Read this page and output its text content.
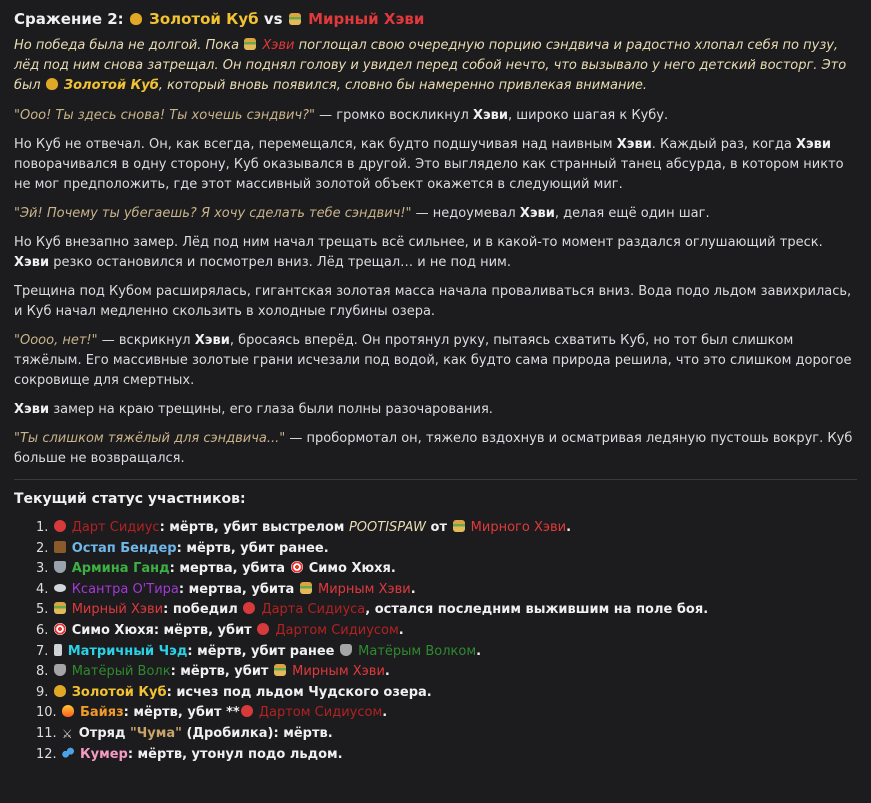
Сражение 2: Золотой Куб vs Мирный Хэви

Но победа была не долгой. Пока Хэви поглощал свою очередную порцию сэндвича и радостно хлопал себя по пузу, лёд под ним снова затрещал. Он поднял голову и увидел перед собой нечто, что вызывало у него детский восторг. Это был Золотой Куб, который вновь появился, словно бы намеренно привлекая внимание.

"Ооо! Ты здесь снова! Ты хочешь сэндвич?" — громко воскликнул Хэви, широко шагая к Кубу.

Но Куб не отвечал. Он, как всегда, перемещался, как будто подшучивая над наивным Хэви. Каждый раз, когда Хэви поворачивался в одну сторону, Куб оказывался в другой. Это выглядело как странный танец абсурда, в котором никто не мог предположить, где этот массивный золотой объект окажется в следующий миг.

"Эй! Почему ты убегаешь? Я хочу сделать тебе сэндвич!" — недоумевал Хэви, делая ещё один шаг.

Но Куб внезапно замер. Лёд под ним начал трещать всё сильнее, и в какой-то момент раздался оглушающий треск. Хэви резко остановился и посмотрел вниз. Лёд трещал… и не под ним.

Трещина под Кубом расширялась, гигантская золотая масса начала проваливаться вниз. Вода подо льдом завихрилась, и Куб начал медленно скользить в холодные глубины озера.

"Оооо, нет!" — вскрикнул Хэви, бросаясь вперёд. Он протянул руку, пытаясь схватить Куб, но тот был слишком тяжёлым. Его массивные золотые грани исчезали под водой, как будто сама природа решила, что это слишком дорогое сокровище для смертных.

Хэви замер на краю трещины, его глаза были полны разочарования.

"Ты слишком тяжёлый для сэндвича..." — пробормотал он, тяжело вздохнув и осматривая ледяную пустошь вокруг. Куб больше не возвращался.

Текущий статус участников:
1. Дарт Сидиус: мёртв, убит выстрелом POOTISPAW от  Мирного Хэви.
2. Остап Бендер: мёртв, убит ранее.
3. Армина Ганд: мертва, убита  Симо Хюхя.
4. Ксантра О'Тира: мертва, убита  Мирным Хэви.
5. Мирный Хэви: победил  Дарта Сидиуса, остался последним выжившим на поле боя.
6. Симо Хюхя: мёртв, убит  Дартом Сидиусом.
7. Матричный Чэд: мёртв, убит ранее  Матёрым Волком.
8. Матёрый Волк: мёртв, убит  Мирным Хэви.
9. Золотой Куб: исчез под льдом Чудского озера.
10. Байяз: мёртв, убит ** Дартом Сидиусом.
11. ⚔ Отряд "Чума" (Дробилка): мёртв.
12. Кумер: мёртв, утонул подо льдом.
